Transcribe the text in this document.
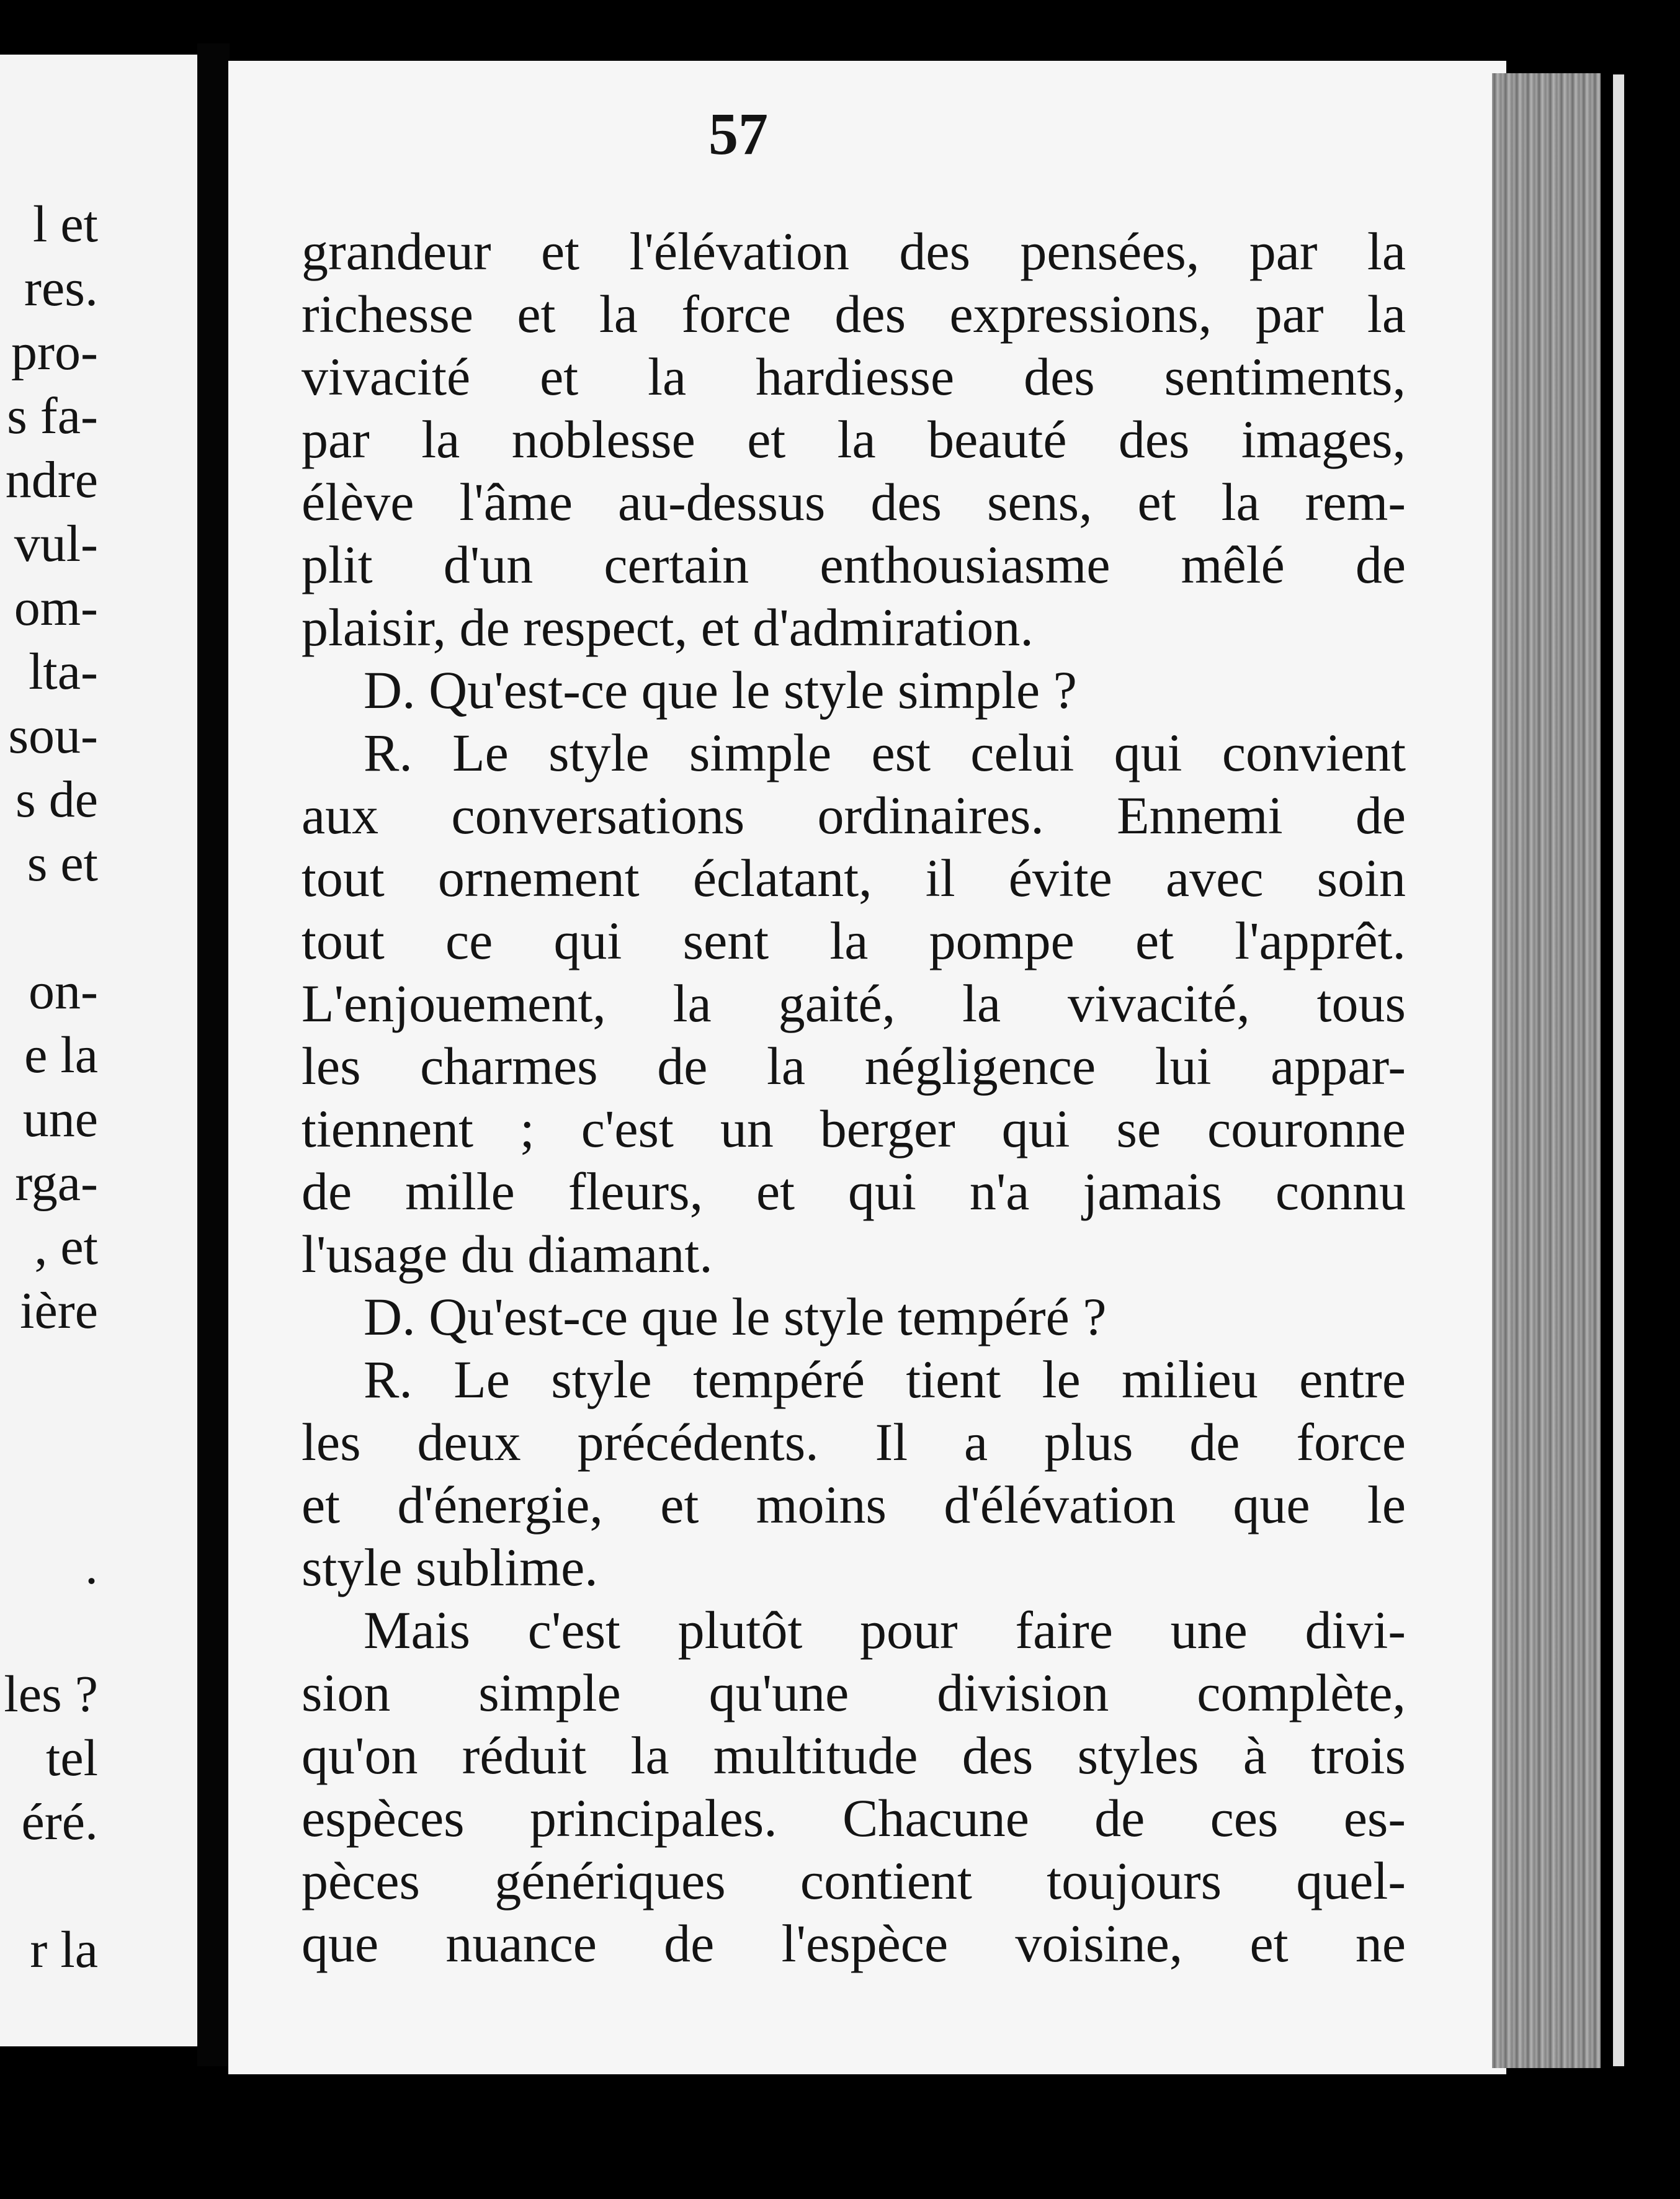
l et
res.
pro-
s fa-
ndre
vul-
om-
lta-
sou-
s de
s et
on-
e la
une
rga-
, et
ière
.
les ?
tel
éré.
r la
57
grandeur et l'élévation des pensées, par la
richesse et la force des expressions, par la
vivacité et la hardiesse des sentiments,
par la noblesse et la beauté des images,
élève l'âme au-dessus des sens, et la rem-
plit d'un certain enthousiasme mêlé de
plaisir, de respect, et d'admiration.
D. Qu'est-ce que le style simple ?
R. Le style simple est celui qui convient
aux conversations ordinaires. Ennemi de
tout ornement éclatant, il évite avec soin
tout ce qui sent la pompe et l'apprêt.
L'enjouement, la gaité, la vivacité, tous
les charmes de la négligence lui appar-
tiennent ; c'est un berger qui se couronne
de mille fleurs, et qui n'a jamais connu
l'usage du diamant.
D. Qu'est-ce que le style tempéré ?
R. Le style tempéré tient le milieu entre
les deux précédents. Il a plus de force
et d'énergie, et moins d'élévation que le
style sublime.
Mais c'est plutôt pour faire une divi-
sion simple qu'une division complète,
qu'on réduit la multitude des styles à trois
espèces principales. Chacune de ces es-
pèces génériques contient toujours quel-
que nuance de l'espèce voisine, et ne
